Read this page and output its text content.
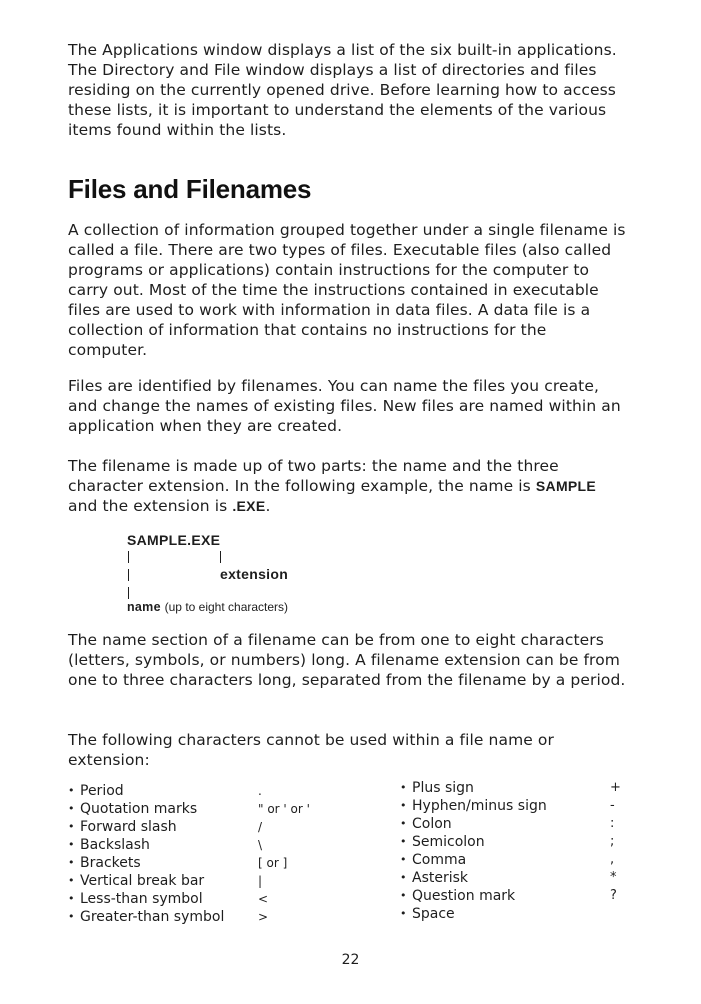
The Applications window displays a list of the six built-in applications. The Directory and File window displays a list of directories and files residing on the currently opened drive. Before learning how to access these lists, it is important to understand the elements of the various items found within the lists.

Files and Filenames

A collection of information grouped together under a single filename is called a file. There are two types of files. Executable files (also called programs or applications) contain instructions for the computer to carry out. Most of the time the instructions contained in executable files are used to work with information in data files. A data file is a collection of information that contains no instructions for the computer.

Files are identified by filenames. You can name the files you create, and change the names of existing files. New files are named within an application when they are created.

The filename is made up of two parts: the name and the three character extension. In the following example, the name is SAMPLE and the extension is .EXE.

SAMPLE.EXE
extension
name (up to eight characters)

The name section of a filename can be from one to eight characters (letters, symbols, or numbers) long. A filename extension can be from one to three characters long, separated from the filename by a period.

The following characters cannot be used within a file name or extension:

• Period	.
• Quotation marks	" or ' or '
• Forward slash	/
• Backslash	\
• Brackets	[ or ]
• Vertical break bar	|
• Less-than symbol	<
• Greater-than symbol	>
• Plus sign	+
• Hyphen/minus sign	-
• Colon	:
• Semicolon	;
• Comma	,
• Asterisk	*
• Question mark	?
• Space
22
